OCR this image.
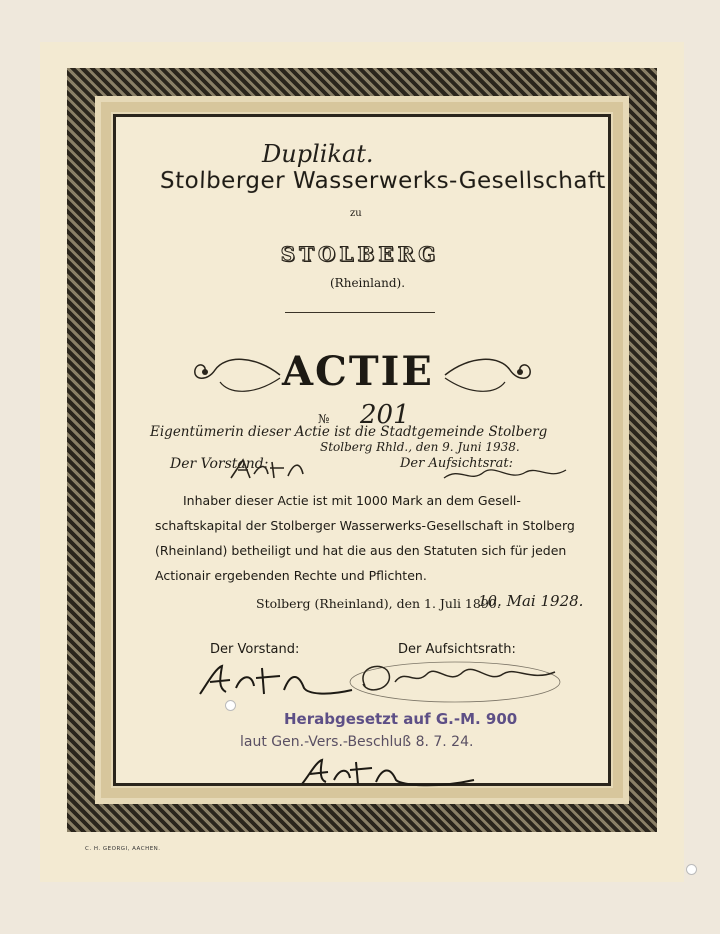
Duplikat.
Stolberger Wasserwerks-Gesellschaft
zu
STOLBERG
(Rheinland).
ACTIE
№ 201
Eigentümerin dieser Actie ist die Stadtgemeinde Stolberg
Stolberg Rhld., den 9. Juni 1938.
Der Vorstand:	Der Aufsichtsrat:
Inhaber dieser Actie ist mit 1000 Mark an dem Gesell-
schaftskapital der Stolberger Wasserwerks-Gesellschaft in Stolberg
(Rheinland) betheiligt und hat die aus den Statuten sich für jeden
Actionair ergebenden Rechte und Pflichten.
Stolberg (Rheinland), den 1. Juli 1890.
10. Mai 1928.
Der Vorstand:	Der Aufsichtsrath:
Herabgesetzt auf G.-M. 900
laut Gen.-Vers.-Beschluß 8. 7. 24.
C. H. GEORGI, AACHEN.
